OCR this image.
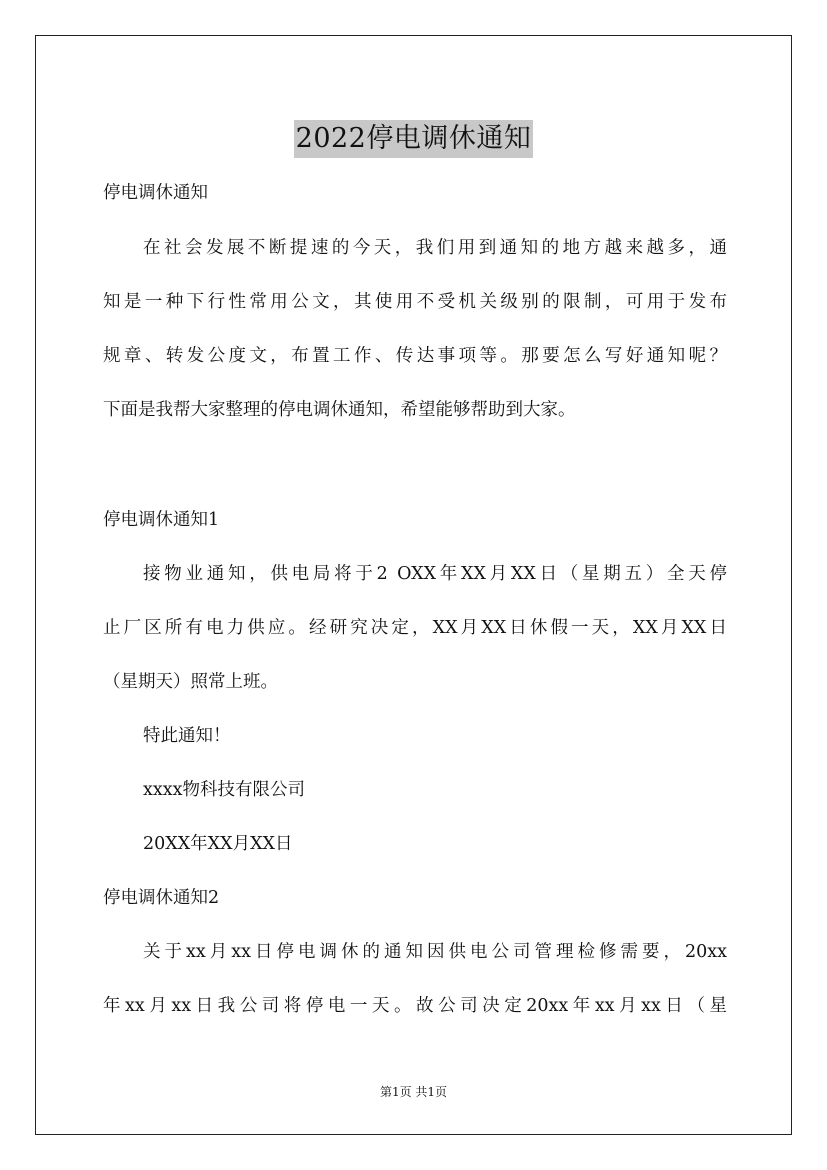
2022停电调休通知
停电调休通知
在社会发展不断提速的今天，我们用到通知的地方越来越多，通
知是一种下行性常用公文，其使用不受机关级别的限制，可用于发布
规章、转发公度文，布置工作、传达事项等。那要怎么写好通知呢？
下面是我帮大家整理的停电调休通知，希望能够帮助到大家。
停电调休通知1
接物业通知，供电局将于2 OXX年XX月XX日（星期五）全天停
止厂区所有电力供应。经研究决定，XX月XX日休假一天，XX月XX日
（星期天）照常上班。
特此通知！
xxxx物科技有限公司
20XX年XX月XX日
停电调休通知2
关于xx月xx日停电调休的通知因供电公司管理检修需要，20xx
年xx月xx日我公司将停电一天。故公司决定20xx年xx月xx日（星
第1页 共1页
